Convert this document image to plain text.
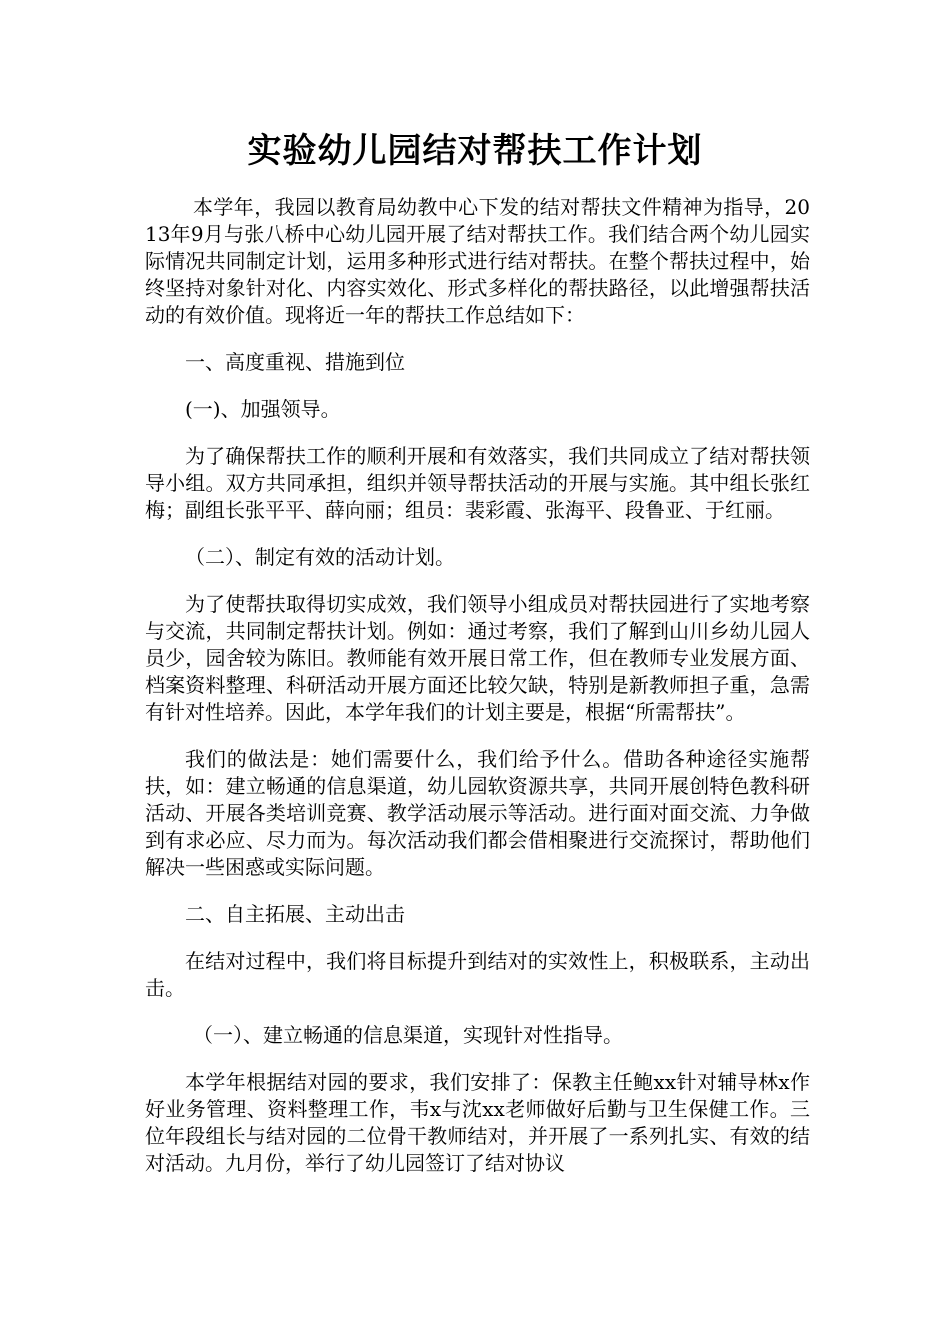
实验幼儿园结对帮扶工作计划

本学年，我园以教育局幼教中心下发的结对帮扶文件精神为指导，2013年9月与张八桥中心幼儿园开展了结对帮扶工作。我们结合两个幼儿园实际情况共同制定计划，运用多种形式进行结对帮扶。在整个帮扶过程中，始终坚持对象针对化、内容实效化、形式多样化的帮扶路径，以此增强帮扶活动的有效价值。现将近一年的帮扶工作总结如下：

一、高度重视、措施到位

(一)、加强领导。

为了确保帮扶工作的顺利开展和有效落实，我们共同成立了结对帮扶领导小组。双方共同承担，组织并领导帮扶活动的开展与实施。其中组长张红梅；副组长张平平、薛向丽；组员：裴彩霞、张海平、段鲁亚、于红丽。

（二）、制定有效的活动计划。

为了使帮扶取得切实成效，我们领导小组成员对帮扶园进行了实地考察与交流，共同制定帮扶计划。例如：通过考察，我们了解到山川乡幼儿园人员少，园舍较为陈旧。教师能有效开展日常工作，但在教师专业发展方面、档案资料整理、科研活动开展方面还比较欠缺，特别是新教师担子重，急需有针对性培养。因此，本学年我们的计划主要是，根据“所需帮扶”。

我们的做法是：她们需要什么，我们给予什么。借助各种途径实施帮扶，如：建立畅通的信息渠道，幼儿园软资源共享，共同开展创特色教科研活动、开展各类培训竞赛、教学活动展示等活动。进行面对面交流、力争做到有求必应、尽力而为。每次活动我们都会借相聚进行交流探讨，帮助他们解决一些困惑或实际问题。

二、自主拓展、主动出击

在结对过程中，我们将目标提升到结对的实效性上，积极联系，主动出击。

（一）、建立畅通的信息渠道，实现针对性指导。

本学年根据结对园的要求，我们安排了：保教主任鲍xx针对辅导林x作好业务管理、资料整理工作，韦x与沈xx老师做好后勤与卫生保健工作。三位年段组长与结对园的二位骨干教师结对，并开展了一系列扎实、有效的结对活动。九月份，举行了幼儿园签订了结对协议
